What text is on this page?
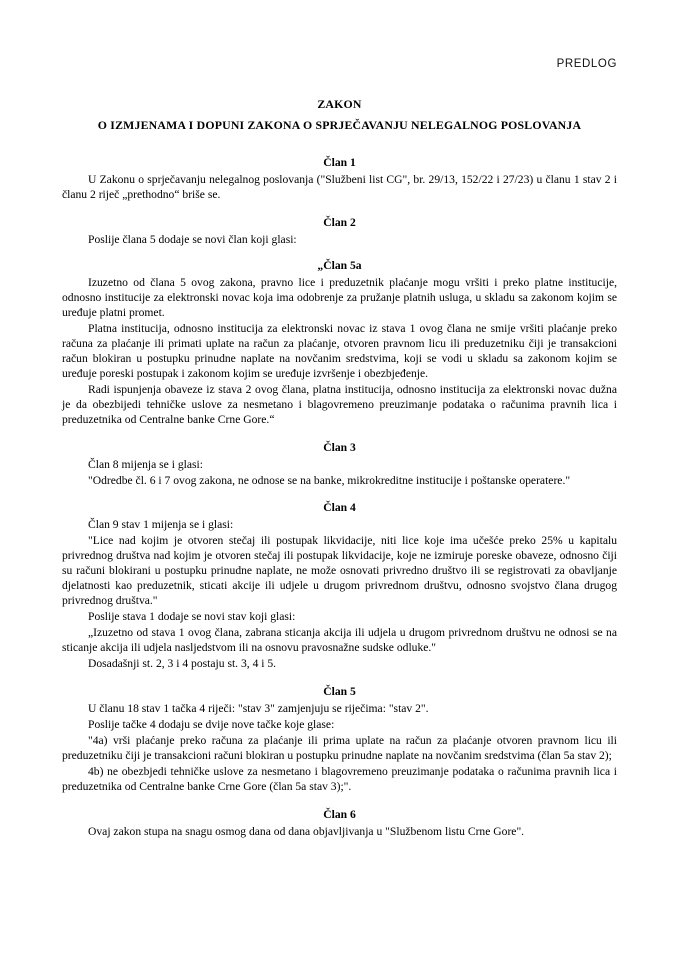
PREDLOG
ZAKON
O IZMJENAMA I DOPUNI ZAKONA O SPRJEČAVANJU NELEGALNOG POSLOVANJA
Član 1

U Zakonu o sprječavanju nelegalnog poslovanja ("Službeni list CG", br. 29/13, 152/22 i 27/23) u članu 1 stav 2 i članu 2 riječ „prethodno“ briše se.

Član 2

Poslije člana 5 dodaje se novi član koji glasi:

„Član 5a

Izuzetno od člana 5 ovog zakona, pravno lice i preduzetnik plaćanje mogu vršiti i preko platne institucije, odnosno institucije za elektronski novac koja ima odobrenje za pružanje platnih usluga, u skladu sa zakonom kojim se uređuje platni promet.

Platna institucija, odnosno institucija za elektronski novac iz stava 1 ovog člana ne smije vršiti plaćanje preko računa za plaćanje ili primati uplate na račun za plaćanje, otvoren pravnom licu ili preduzetniku čiji je transakcioni račun blokiran u postupku prinudne naplate na novčanim sredstvima, koji se vodi u skladu sa zakonom kojim se uređuje poreski postupak i zakonom kojim se uređuje izvršenje i obezbjeđenje.

Radi ispunjenja obaveze iz stava 2 ovog člana, platna institucija, odnosno institucija za elektronski novac dužna je da obezbijedi tehničke uslove za nesmetano i blagovremeno preuzimanje podataka o računima pravnih lica i preduzetnika od Centralne banke Crne Gore.“

Član 3

Član 8 mijenja se i glasi:

"Odredbe čl. 6 i 7 ovog zakona, ne odnose se na banke, mikrokreditne institucije i poštanske operatere."

Član 4

Član 9 stav 1 mijenja se i glasi:

"Lice nad kojim je otvoren stečaj ili postupak likvidacije, niti lice koje ima učešće preko 25% u kapitalu privrednog društva nad kojim je otvoren stečaj ili postupak likvidacije, koje ne izmiruje poreske obaveze, odnosno čiji su računi blokirani u postupku prinudne naplate, ne može osnovati privredno društvo ili se registrovati za obavljanje djelatnosti kao preduzetnik, sticati akcije ili udjele u drugom privrednom društvu, odnosno svojstvo člana drugog privrednog društva."

Poslije stava 1 dodaje se novi stav koji glasi:

„Izuzetno od stava 1 ovog člana, zabrana sticanja akcija ili udjela u drugom privrednom društvu ne odnosi se na sticanje akcija ili udjela nasljedstvom ili na osnovu pravosnažne sudske odluke."

Dosadašnji st. 2, 3 i 4 postaju st. 3, 4 i 5.

Član 5

U članu 18 stav 1 tačka 4 riječi: "stav 3" zamjenjuju se riječima: "stav 2".

Poslije tačke 4 dodaju se dvije nove tačke koje glase:

"4a) vrši plaćanje preko računa za plaćanje ili prima uplate na račun za plaćanje otvoren pravnom licu ili preduzetniku čiji je transakcioni računi blokiran u postupku prinudne naplate na novčanim sredstvima (član 5a stav 2);

4b) ne obezbjedi tehničke uslove za nesmetano i blagovremeno preuzimanje podataka o računima pravnih lica i preduzetnika od Centralne banke Crne Gore (član 5a stav 3);".

Član 6

Ovaj zakon stupa na snagu osmog dana od dana objavljivanja u "Službenom listu Crne Gore".
